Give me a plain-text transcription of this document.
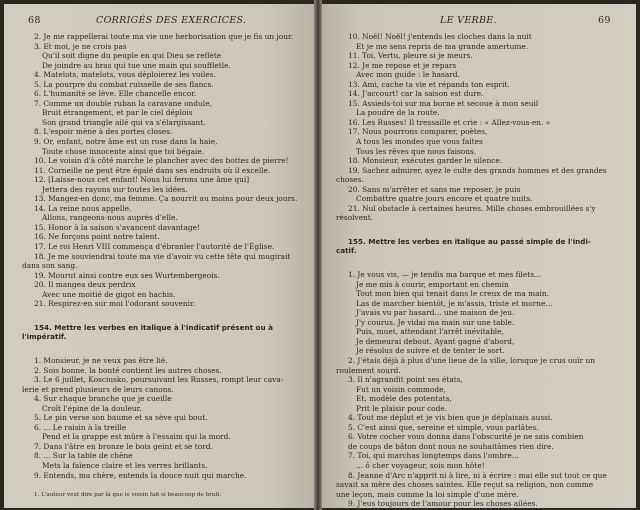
68	CORRIGÉS DES EXERCICES.
2. Je me rappellerai toute ma vie une herborisation que je fis un jour.
3. Et moi, je ne crois pas
Qu'il soit digne du peuple en qui Dieu se reflète
De joindre au bras qui tue une main qui souffletle.
4. Matelots, matelots, vous déploierez les voiles.
5. La pourpre du combat ruisselle de ses flancs.
6. L'humanité se lève. Elle chancelle encor.
7. Comme un double ruban la caravane ondule,
Bruit étrangement, et par le ciel déplois
Son grand triangle ailé qui va s'élargissant.
8. L'espoir mène à des portes closes.
9. Or, enfant, notre âme est un rose dans la haie,
Toute chose innocente ainsi que toi bégaie.
10. Le voisin d'à côté marche le plancher avec des bottes de pierre!
11. Corneille ne peut être égalé dans ses endroits où il excelle.
12. [Laisse-nous cet enfant! Nous lui ferons une âme qui]
Jettera des rayons sur toutes les idées.
13. Mangez-en donc, ma femme. Ça nourrit au moins pour deux jours.
14. La reine nous appelle.
Allons, rangeons-nous auprès d'elle.
15. Honor à la saison s'avancent davantage!
16. Ne forçons point notre talent.
17. Le roi Henri VIII commença d'ébranler l'autorité de l'Église.
18. Je me souviendrai toute ma vie d'avoir vu cette tête qui mugirait
dans son sang.
19. Mourut ainsi contre eux ses Wurtembergeois.
20. Il mangea deux perdrix
Avec une moitié de gigot en hachis.
21. Respirez-en sur moi l'odorant souvenir.
154. Mettre les verbes en italique à l'indicatif présent ou à
l'impératif.
1. Monsieur, je ne veux pas être lié.
2. Sois bonne, la bonté contient les autres choses.
3. Le 6 juillet, Kosciusko, poursuivant les Russes, rompt leur cava-
lerie et prend plusieurs de leurs canons.
4. Sur chaque branche que je cueille
Croît l'épine de la douleur.
5. Le pin verse son baume et sa sève qui bout.
6. ... Le raisin à la treille
Pend et la grappe est mûre à l'essaim qui la mord.
7. Dans l'âtre en bronze le bois geint et se tord.
8. ... Sur la table de chêne
Mets la faïence claire et les verres brillants.
9. Entends, ma chère, entends la douce nuit qui marche.
1. L'auteur veut dire par là que le voisin fait si beaucoup de bruit.
LE VERBE.	69
10. Noël! Noël! j'entends les cloches dans la nuit
Et je me sens repris de ma grande amertume.
11. Toi, Vertu, pleure si je meurs.
12. Je me repose et je repars
Avec mon guide : le hasard.
13. Ami, cache ta vie et répands ton esprit.
14. J'accourt! car la saison est dure.
15. Assieds-toi sur ma borne et secoue à mon seuil
La poudre de la route.
16. Les Russes! Il tressaille et crie : « Allez-vous-en. »
17. Nous pourrons comparer, poètes,
A tous les mondes que vous faites
Tous les rêves que nous faisons.
18. Monsieur, exécutes garder le silence.
19. Sachez admirer, ayez le culte des grands hommes et des grandes
choses.
20. Sans m'arrêter et sans me reposer, je puis
Combattre quatre jours encore et quatre nuits.
21. Nul obstacle à certaines heures. Mille choses embrouillées s'y
résolvent.
155. Mettre les verbes en italique au passé simple de l'indi-
catif.
1. Je vous vis, — je tendis ma barque et mes filets...
Je me mis à courir, emportant en chemin
Tout mon bien qui tenait dans le creux de ma main.
Las de marcher bientôt, je m'assis, triste et morne...
J'avais vu par hasard... une maison de jeu.
J'y courus. Je vidai ma main sur une table.
Puis, muet, attendant l'arrêt inévitable,
Je demeurai debout. Ayant gagné d'abord,
Je résolus de suivre et de tenter le sort.
2. J'étais déjà à plus d'une lieue de la ville, lorsque je crus ouïr un
roulement sourd.
3. Il n'agrandit point ses états,
Fut un voisin commode,
Et, modèle des potentats,
Prit le plaisir pour code.
4. Tout me déplut et je vis bien que je déplaisais aussi.
5. C'est ainsi que, sereine et simple, vous parlâtes.
6. Votre cocher vous donna dans l'obscurité je ne sais combien
de coups de bâton dont nous ne souhaitâmes rien dire.
7. Toi, qui marchas longtemps dans l'ombre...
... ô cher voyageur, sois mon hôte!
8. Jeanne d'Arc n'apprit ni à lire, ni à écrire : mai elle sut tout ce que
savait sa mère des choses saintes. Elle reçut sa religion, non comme
une leçon, mais comme la loi simple d'une mère.
9. J'eus toujours de l'amour pour les choses ailées.
